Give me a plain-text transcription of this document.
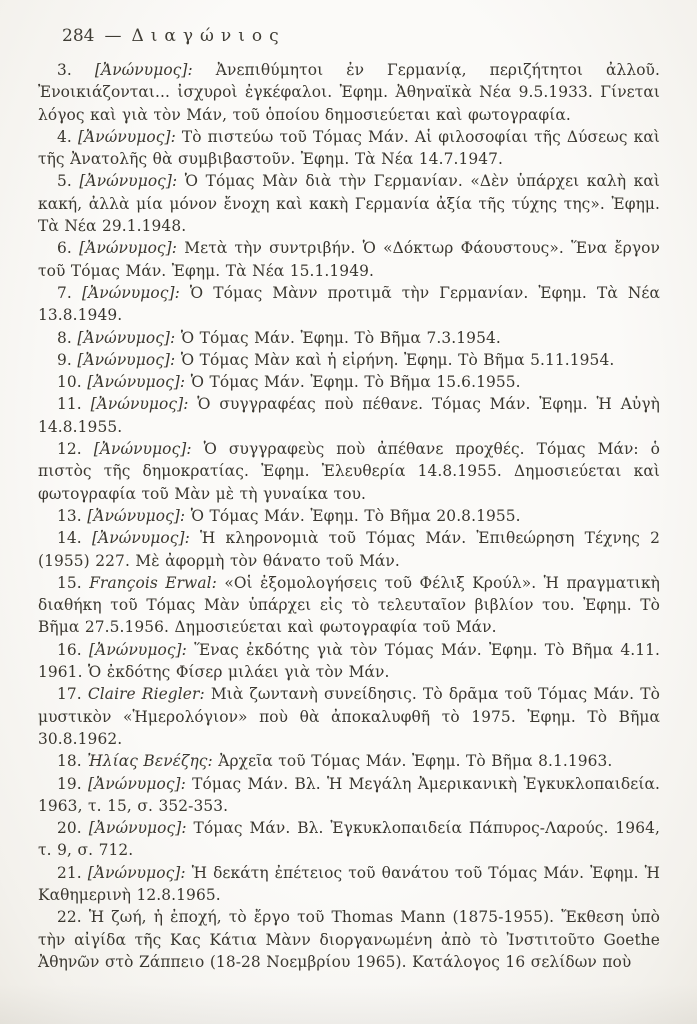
284 — Διαγώνιος

3. [Ἀνώνυμος]: Ἀνεπιθύμητοι ἐν Γερμανίᾳ, περιζήτητοι ἀλλοῦ. Ἐνοικιάζονται... ἰσχυροὶ ἐγκέφαλοι. Ἐφημ. Ἀθηναϊκὰ Νέα 9.5.1933. Γίνεται λόγος καὶ γιὰ τὸν Μάν, τοῦ ὁποίου δημοσιεύεται καὶ φωτογραφία.

4. [Ἀνώνυμος]: Τὸ πιστεύω τοῦ Τόμας Μάν. Αἱ φιλοσοφίαι τῆς Δύσεως καὶ τῆς Ἀνατολῆς θὰ συμβιβαστοῦν. Ἐφημ. Τὰ Νέα 14.7.1947.

5. [Ἀνώνυμος]: Ὁ Τόμας Μὰν διὰ τὴν Γερμανίαν. «Δὲν ὑπάρχει καλὴ καὶ κακή, ἀλλὰ μία μόνον ἔνοχη καὶ κακὴ Γερμανία ἀξία τῆς τύχης της». Ἐφημ. Τὰ Νέα 29.1.1948.

6. [Ἀνώνυμος]: Μετὰ τὴν συντριβήν. Ὁ «Δόκτωρ Φάουστους». Ἕνα ἔργον τοῦ Τόμας Μάν. Ἐφημ. Τὰ Νέα 15.1.1949.

7. [Ἀνώνυμος]: Ὁ Τόμας Μὰνν προτιμᾶ τὴν Γερμανίαν. Ἐφημ. Τὰ Νέα 13.8.1949.

8. [Ἀνώνυμος]: Ὁ Τόμας Μάν. Ἐφημ. Τὸ Βῆμα 7.3.1954.

9. [Ἀνώνυμος]: Ὁ Τόμας Μὰν καὶ ἡ εἰρήνη. Ἐφημ. Τὸ Βῆμα 5.11.1954.

10. [Ἀνώνυμος]: Ὁ Τόμας Μάν. Ἐφημ. Τὸ Βῆμα 15.6.1955.

11. [Ἀνώνυμος]: Ὁ συγγραφέας ποὺ πέθανε. Τόμας Μάν. Ἐφημ. Ἡ Αὐγὴ 14.8.1955.

12. [Ἀνώνυμος]: Ὁ συγγραφεὺς ποὺ ἀπέθανε προχθές. Τόμας Μάν: ὁ πιστὸς τῆς δημοκρατίας. Ἐφημ. Ἐλευθερία 14.8.1955. Δημοσιεύεται καὶ φωτογραφία τοῦ Μὰν μὲ τὴ γυναίκα του.

13. [Ἀνώνυμος]: Ὁ Τόμας Μάν. Ἐφημ. Τὸ Βῆμα 20.8.1955.

14. [Ἀνώνυμος]: Ἡ κληρονομιὰ τοῦ Τόμας Μάν. Ἐπιθεώρηση Τέχνης 2 (1955) 227. Μὲ ἀφορμὴ τὸν θάνατο τοῦ Μάν.

15. François Erwal: «Οἱ ἐξομολογήσεις τοῦ Φέλιξ Κρούλ». Ἡ πραγματικὴ διαθήκη τοῦ Τόμας Μὰν ὑπάρχει εἰς τὸ τελευταῖον βιβλίον του. Ἐφημ. Τὸ Βῆμα 27.5.1956. Δημοσιεύεται καὶ φωτογραφία τοῦ Μάν.

16. [Ἀνώνυμος]: Ἕνας ἐκδότης γιὰ τὸν Τόμας Μάν. Ἐφημ. Τὸ Βῆμα 4.11. 1961. Ὁ ἐκδότης Φίσερ μιλάει γιὰ τὸν Μάν.

17. Claire Riegler: Μιὰ ζωντανὴ συνείδησις. Τὸ δρᾶμα τοῦ Τόμας Μάν. Τὸ μυστικὸν «Ἡμερολόγιον» ποὺ θὰ ἀποκαλυφθῆ τὸ 1975. Ἐφημ. Τὸ Βῆμα 30.8.1962.

18. Ἠλίας Βενέζης: Ἀρχεῖα τοῦ Τόμας Μάν. Ἐφημ. Τὸ Βῆμα 8.1.1963.

19. [Ἀνώνυμος]: Τόμας Μάν. Βλ. Ἡ Μεγάλη Ἀμερικανικὴ Ἐγκυκλοπαιδεία. 1963, τ. 15, σ. 352-353.

20. [Ἀνώνυμος]: Τόμας Μάν. Βλ. Ἐγκυκλοπαιδεία Πάπυρος-Λαρούς. 1964, τ. 9, σ. 712.

21. [Ἀνώνυμος]: Ἡ δεκάτη ἐπέτειος τοῦ θανάτου τοῦ Τόμας Μάν. Ἐφημ. Ἡ Καθημερινὴ 12.8.1965.

22. Ἡ ζωή, ἡ ἐποχή, τὸ ἔργο τοῦ Thomas Mann (1875-1955). Ἔκθεση ὑπὸ τὴν αἰγίδα τῆς Κας Κάτια Μὰνν διοργανωμένη ἀπὸ τὸ Ἰνστιτοῦτο Goethe Ἀθηνῶν στὸ Ζάππειο (18-28 Νοεμβρίου 1965). Κατάλογος 16 σελίδων ποὺ
